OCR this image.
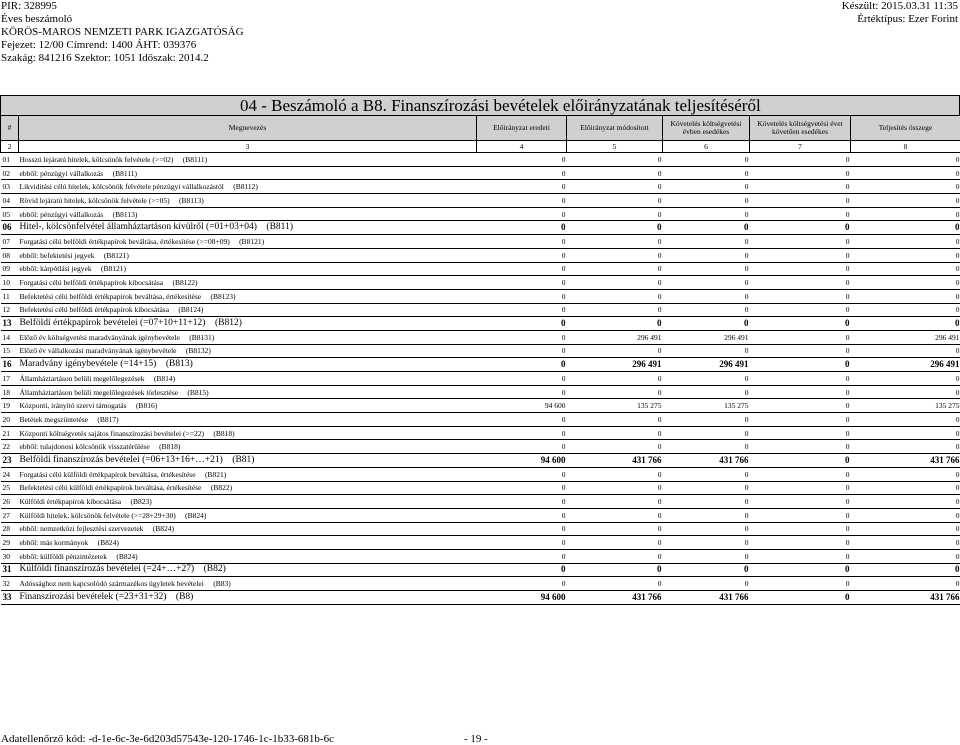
PIR: 328995
Éves beszámoló
KÖRÖS-MAROS NEMZETI PARK IGAZGATÓSÁG
Fejezet: 12/00 Címrend: 1400 ÁHT: 039376
Szakág: 841216 Szektor: 1051 Időszak: 2014.2
Készült: 2015.03.31 11:35
Értéktípus: Ezer Forint
04 - Beszámoló a B8. Finanszírozási bevételek előirányzatának teljesítéséről
#	Megnevezés	Előirányzat eredeti	Előirányzat módosított	Követelés költségvetési évben esedékes	Követelés költségvetési évet követően esedékes	Teljesítés összege
2	3	4	5	6	7	8
01	Hosszú lejáratú hitelek, kölcsönök felvétele (>=02) (B8111)	0	0	0	0	0
02	ebből: pénzügyi vállalkozás (B8111)	0	0	0	0	0
03	Likviditási célú hitelek, kölcsönök felvétele pénzügyi vállalkozástól (B8112)	0	0	0	0	0
04	Rövid lejáratú hitelek, kölcsönök felvétele (>=05) (B8113)	0	0	0	0	0
05	ebből: pénzügyi vállalkozás (B8113)	0	0	0	0	0
06	Hitel-, kölcsönfelvétel államháztartáson kívülről (=01+03+04) (B811)	0	0	0	0	0
07	Forgatási célú belföldi értékpapírok beváltása, értékesítése (>=08+09) (B8121)	0	0	0	0	0
08	ebből: befektetési jegyek (B8121)	0	0	0	0	0
09	ebből: kárpótlási jegyek (B8121)	0	0	0	0	0
10	Forgatási célú belföldi értékpapírok kibocsátása (B8122)	0	0	0	0	0
11	Befektetési célú belföldi értékpapírok beváltása, értékesítése (B8123)	0	0	0	0	0
12	Befektetési célú belföldi értékpapírok kibocsátása (B8124)	0	0	0	0	0
13	Belföldi értékpapírok bevételei (=07+10+11+12) (B812)	0	0	0	0	0
14	Előző év költségvetési maradványának igénybevétele (B8131)	0	296 491	296 491	0	296 491
15	Előző év vállalkozási maradványának igénybevétele (B8132)	0	0	0	0	0
16	Maradvány igénybevétele (=14+15) (B813)	0	296 491	296 491	0	296 491
17	Államháztartáson belüli megelőlegezések (B814)	0	0	0	0	0
18	Államháztartáson belüli megelőlegezések törlesztése (B815)	0	0	0	0	0
19	Központi, irányító szervi támogatás (B816)	94 600	135 275	135 275	0	135 275
20	Betétek megszüntetése (B817)	0	0	0	0	0
21	Központi költségvetés sajátos finanszírozási bevételei (>=22) (B818)	0	0	0	0	0
22	ebből: tulajdonosi kölcsönök visszatérülése (B818)	0	0	0	0	0
23	Belföldi finanszírozás bevételei (=06+13+16+…+21) (B81)	94 600	431 766	431 766	0	431 766
24	Forgatási célú külföldi értékpapírok beváltása, értékesítése (B821)	0	0	0	0	0
25	Befektetési célú külföldi értékpapírok beváltása, értékesítése (B822)	0	0	0	0	0
26	Külföldi értékpapírok kibocsátása (B823)	0	0	0	0	0
27	Külföldi hitelek, kölcsönök felvétele (>=28+29+30) (B824)	0	0	0	0	0
28	ebből: nemzetközi fejlesztési szervezetek (B824)	0	0	0	0	0
29	ebből: más kormányok (B824)	0	0	0	0	0
30	ebből: külföldi pénzintézetek (B824)	0	0	0	0	0
31	Külföldi finanszírozás bevételei (=24+…+27) (B82)	0	0	0	0	0
32	Adóssághoz nem kapcsolódó származékos ügyletek bevételei (B83)	0	0	0	0	0
33	Finanszírozási bevételek (=23+31+32) (B8)	94 600	431 766	431 766	0	431 766
Adatellenőrző kód: -d-1e-6c-3e-6d203d57543e-120-1746-1c-1b33-681b-6c	- 19 -
